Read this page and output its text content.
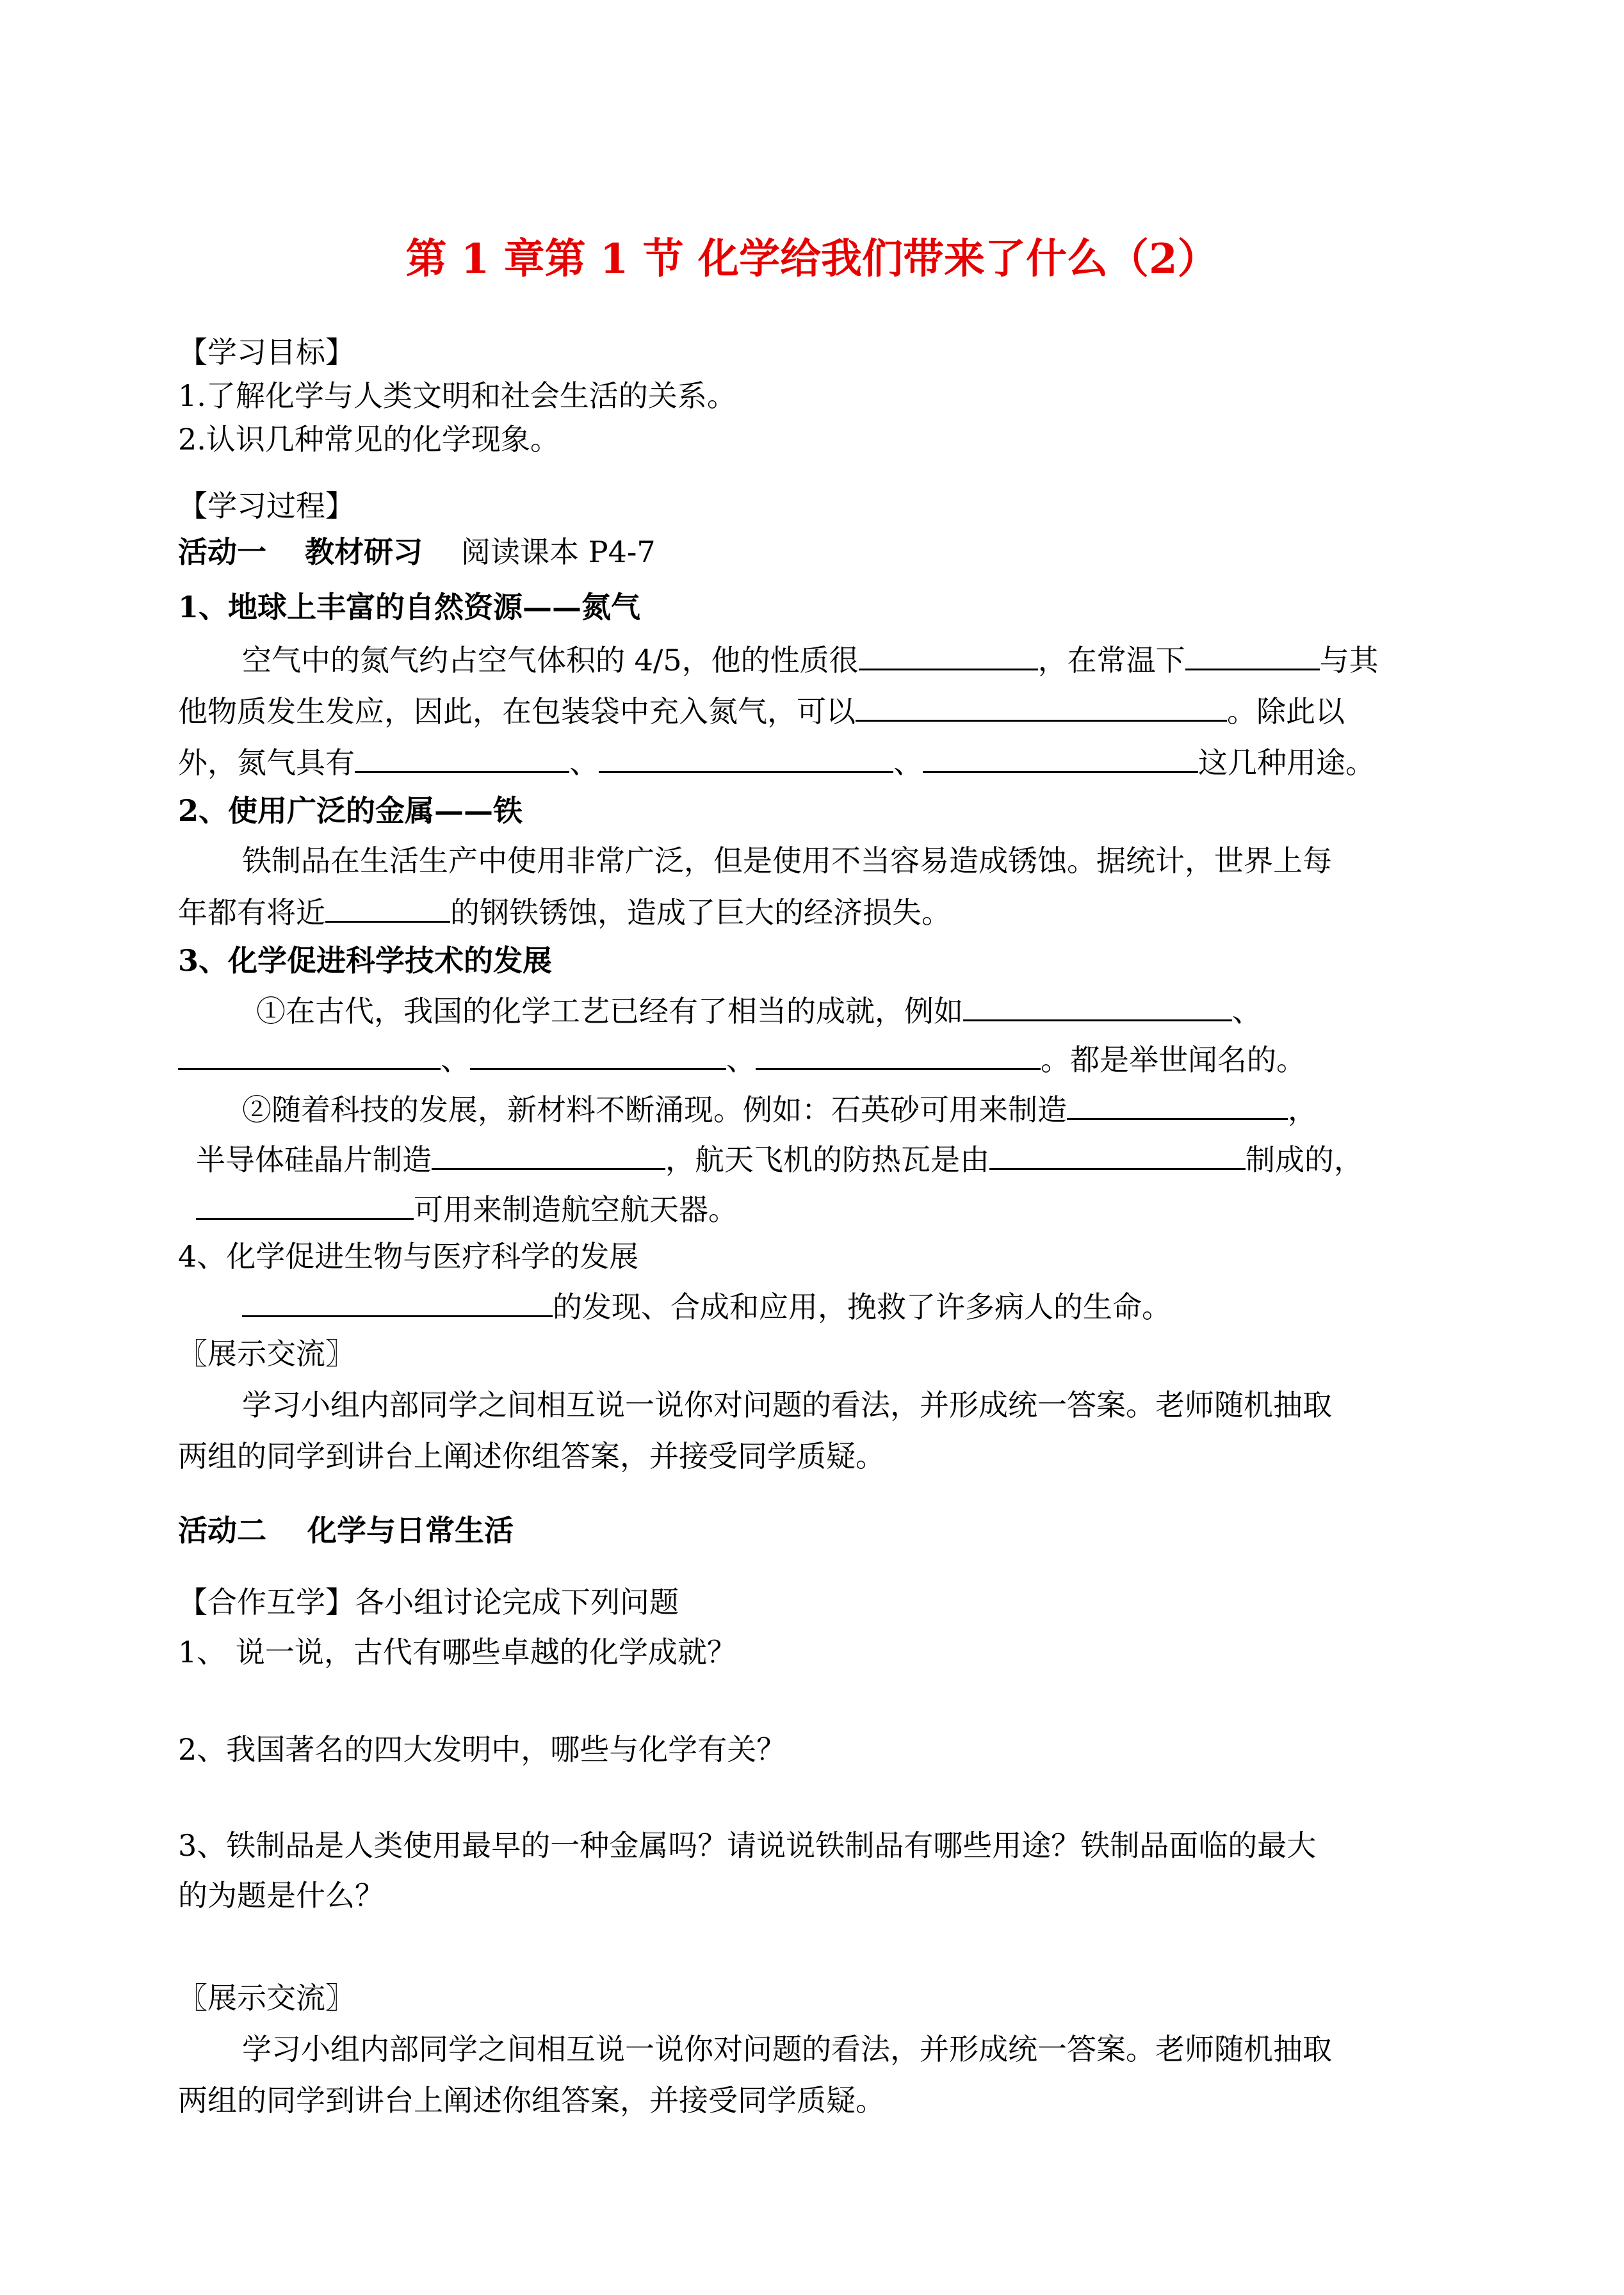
第 1 章第 1 节 化学给我们带来了什么（2）
【学习目标】
1.了解化学与人类文明和社会生活的关系。
2.认识几种常见的化学现象。
【学习过程】
活动一 教材研习 阅读课本 P4-7
1、地球上丰富的自然资源——氮气
空气中的氮气约占空气体积的 4/5，他的性质很	，在常温下	与其
他物质发生发应，因此，在包装袋中充入氮气，可以	。除此以
外，氮气具有	、	、	这几种用途。
2、使用广泛的金属——铁
铁制品在生活生产中使用非常广泛，但是使用不当容易造成锈蚀。据统计，世界上每
年都有将近	的钢铁锈蚀，造成了巨大的经济损失。
3、化学促进科学技术的发展
①在古代，我国的化学工艺已经有了相当的成就，例如	、
、	、	。都是举世闻名的。
②随着科技的发展，新材料不断涌现。例如：石英砂可用来制造	，
半导体硅晶片制造	，航天飞机的防热瓦是由	制成的，
可用来制造航空航天器。
4、化学促进生物与医疗科学的发展
的发现、合成和应用，挽救了许多病人的生命。
〖展示交流〗
学习小组内部同学之间相互说一说你对问题的看法，并形成统一答案。老师随机抽取
两组的同学到讲台上阐述你组答案，并接受同学质疑。
活动二    化学与日常生活
【合作互学】各小组讨论完成下列问题
1、 说一说，古代有哪些卓越的化学成就？
2、我国著名的四大发明中，哪些与化学有关？
3、铁制品是人类使用最早的一种金属吗？请说说铁制品有哪些用途？铁制品面临的最大
的为题是什么？
〖展示交流〗
学习小组内部同学之间相互说一说你对问题的看法，并形成统一答案。老师随机抽取
两组的同学到讲台上阐述你组答案，并接受同学质疑。
